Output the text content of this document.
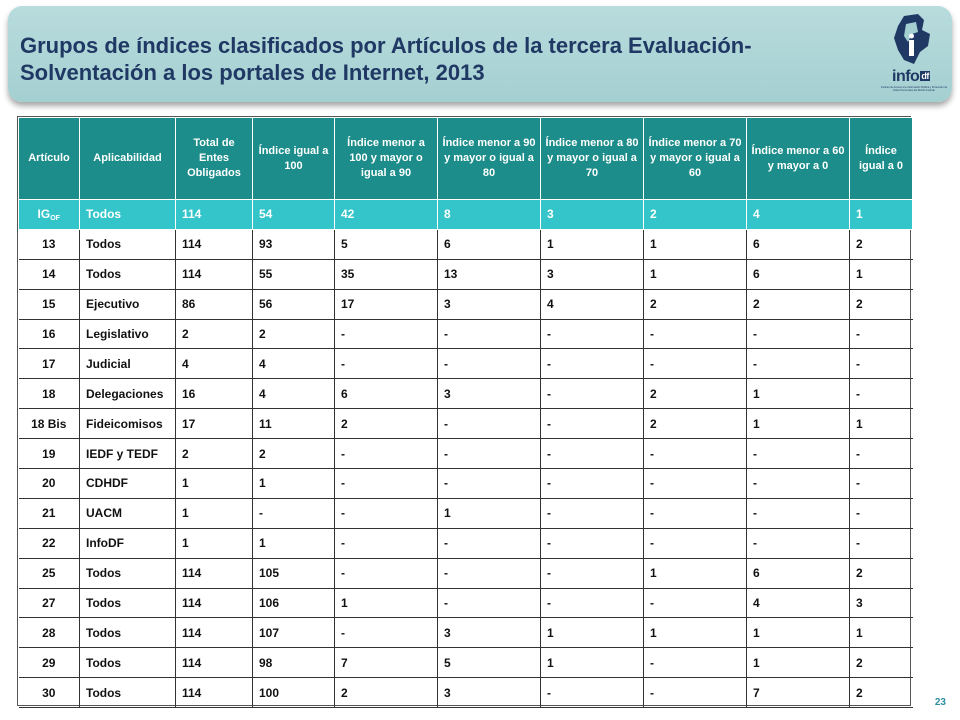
Grupos de índices clasificados por Artículos de la tercera Evaluación-Solventación a los portales de Internet, 2013	info df
Instituto de Acceso a la Información Pública y Protección de Datos Personales del Distrito Federal
Artículo	Aplicabilidad	Total de Entes Obligados	Índice igual a 100	Índice menor a 100 y mayor o igual a 90	Índice menor a 90 y mayor o igual a 80	Índice menor a 80 y mayor o igual a 70	Índice menor a 70 y mayor o igual a 60	Índice menor a 60 y mayor a 0	Índice igual a 0
$IG_{OF}$	Todos	114	54	42	8	3	2	4	1
13	Todos	114	93	5	6	1	1	6	2
14	Todos	114	55	35	13	3	1	6	1
15	Ejecutivo	86	56	17	3	4	2	2	2
16	Legislativo	2	2	-	-	-	-	-	-
17	Judicial	4	4	-	-	-	-	-	-
18	Delegaciones	16	4	6	3	-	2	1	-
18 Bis	Fideicomisos	17	11	2	-	-	2	1	1
19	IEDF y TEDF	2	2	-	-	-	-	-	-
20	CDHDF	1	1	-	-	-	-	-	-
21	UACM	1	-	-	1	-	-	-	-
22	InfoDF	1	1	-	-	-	-	-	-
25	Todos	114	105	-	-	-	1	6	2
27	Todos	114	106	1	-	-	-	4	3
28	Todos	114	107	-	3	1	1	1	1
29	Todos	114	98	7	5	1	-	1	2
30	Todos	114	100	2	3	-	-	7	2
23
